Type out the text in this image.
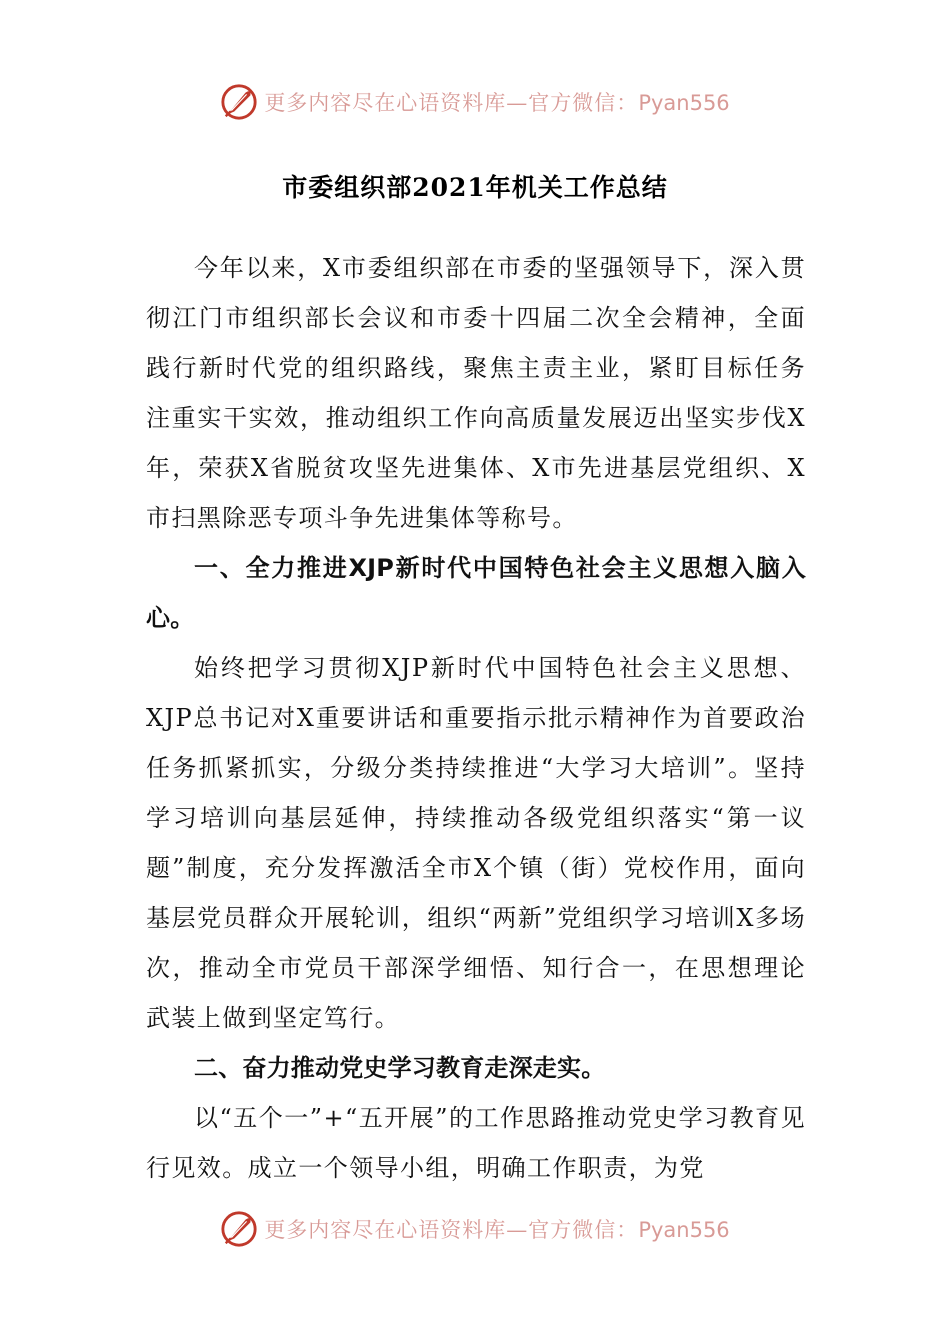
更多内容尽在心语资料库—官方微信：Pyan556
市委组织部2021年机关工作总结

今年以来，X市委组织部在市委的坚强领导下，深入贯彻江门市组织部长会议和市委十四届二次全会精神，全面践行新时代党的组织路线，聚焦主责主业，紧盯目标任务注重实干实效，推动组织工作向高质量发展迈出坚实步伐X年，荣获X省脱贫攻坚先进集体、X市先进基层党组织、X市扫黑除恶专项斗争先进集体等称号。

一、全力推进XJP新时代中国特色社会主义思想入脑入心。

始终把学习贯彻XJP新时代中国特色社会主义思想、XJP总书记对X重要讲话和重要指示批示精神作为首要政治任务抓紧抓实，分级分类持续推进“大学习大培训”。坚持学习培训向基层延伸，持续推动各级党组织落实“第一议题”制度，充分发挥激活全市X个镇（街）党校作用，面向基层党员群众开展轮训，组织“两新”党组织学习培训X多场次，推动全市党员干部深学细悟、知行合一，在思想理论武装上做到坚定笃行。

二、奋力推动党史学习教育走深走实。

以“五个一”+“五开展”的工作思路推动党史学习教育见行见效。成立一个领导小组，明确工作职责，为党

更多内容尽在心语资料库—官方微信：Pyan556
